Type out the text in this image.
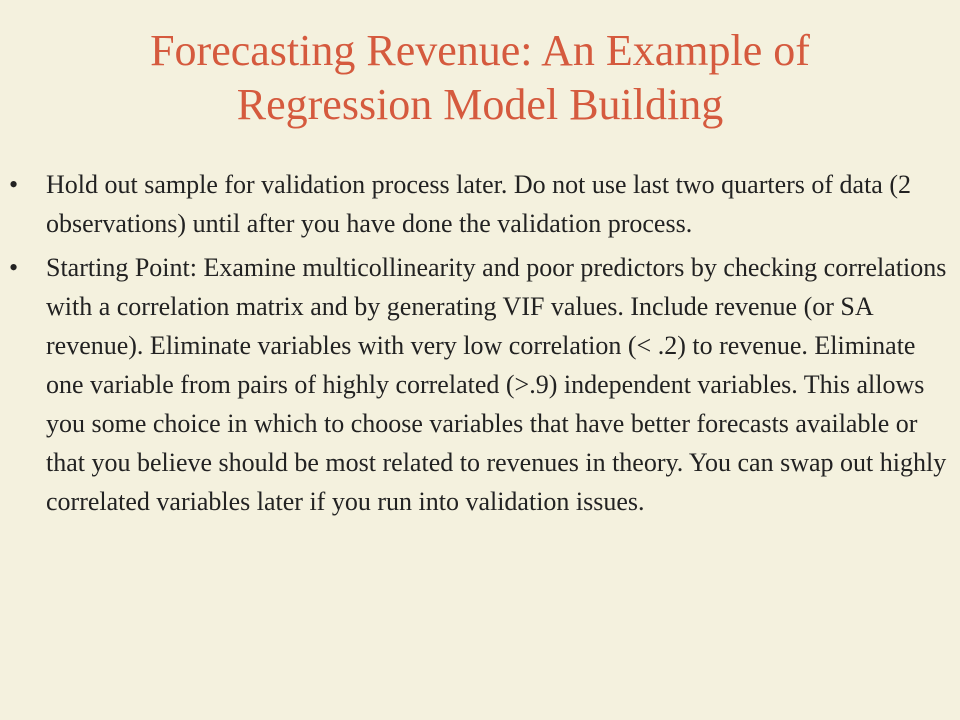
Forecasting Revenue: An Example of
Regression Model Building
• Hold out sample for validation process later. Do not use last two quarters of data (2 observations) until after you have done the validation process.
• Starting Point: Examine multicollinearity and poor predictors by checking correlations with a correlation matrix and by generating VIF values. Include revenue (or SA revenue). Eliminate variables with very low correlation (< .2) to revenue. Eliminate one variable from pairs of highly correlated (>.9) independent variables. This allows you some choice in which to choose variables that have better forecasts available or that you believe should be most related to revenues in theory. You can swap out highly correlated variables later if you run into validation issues.
